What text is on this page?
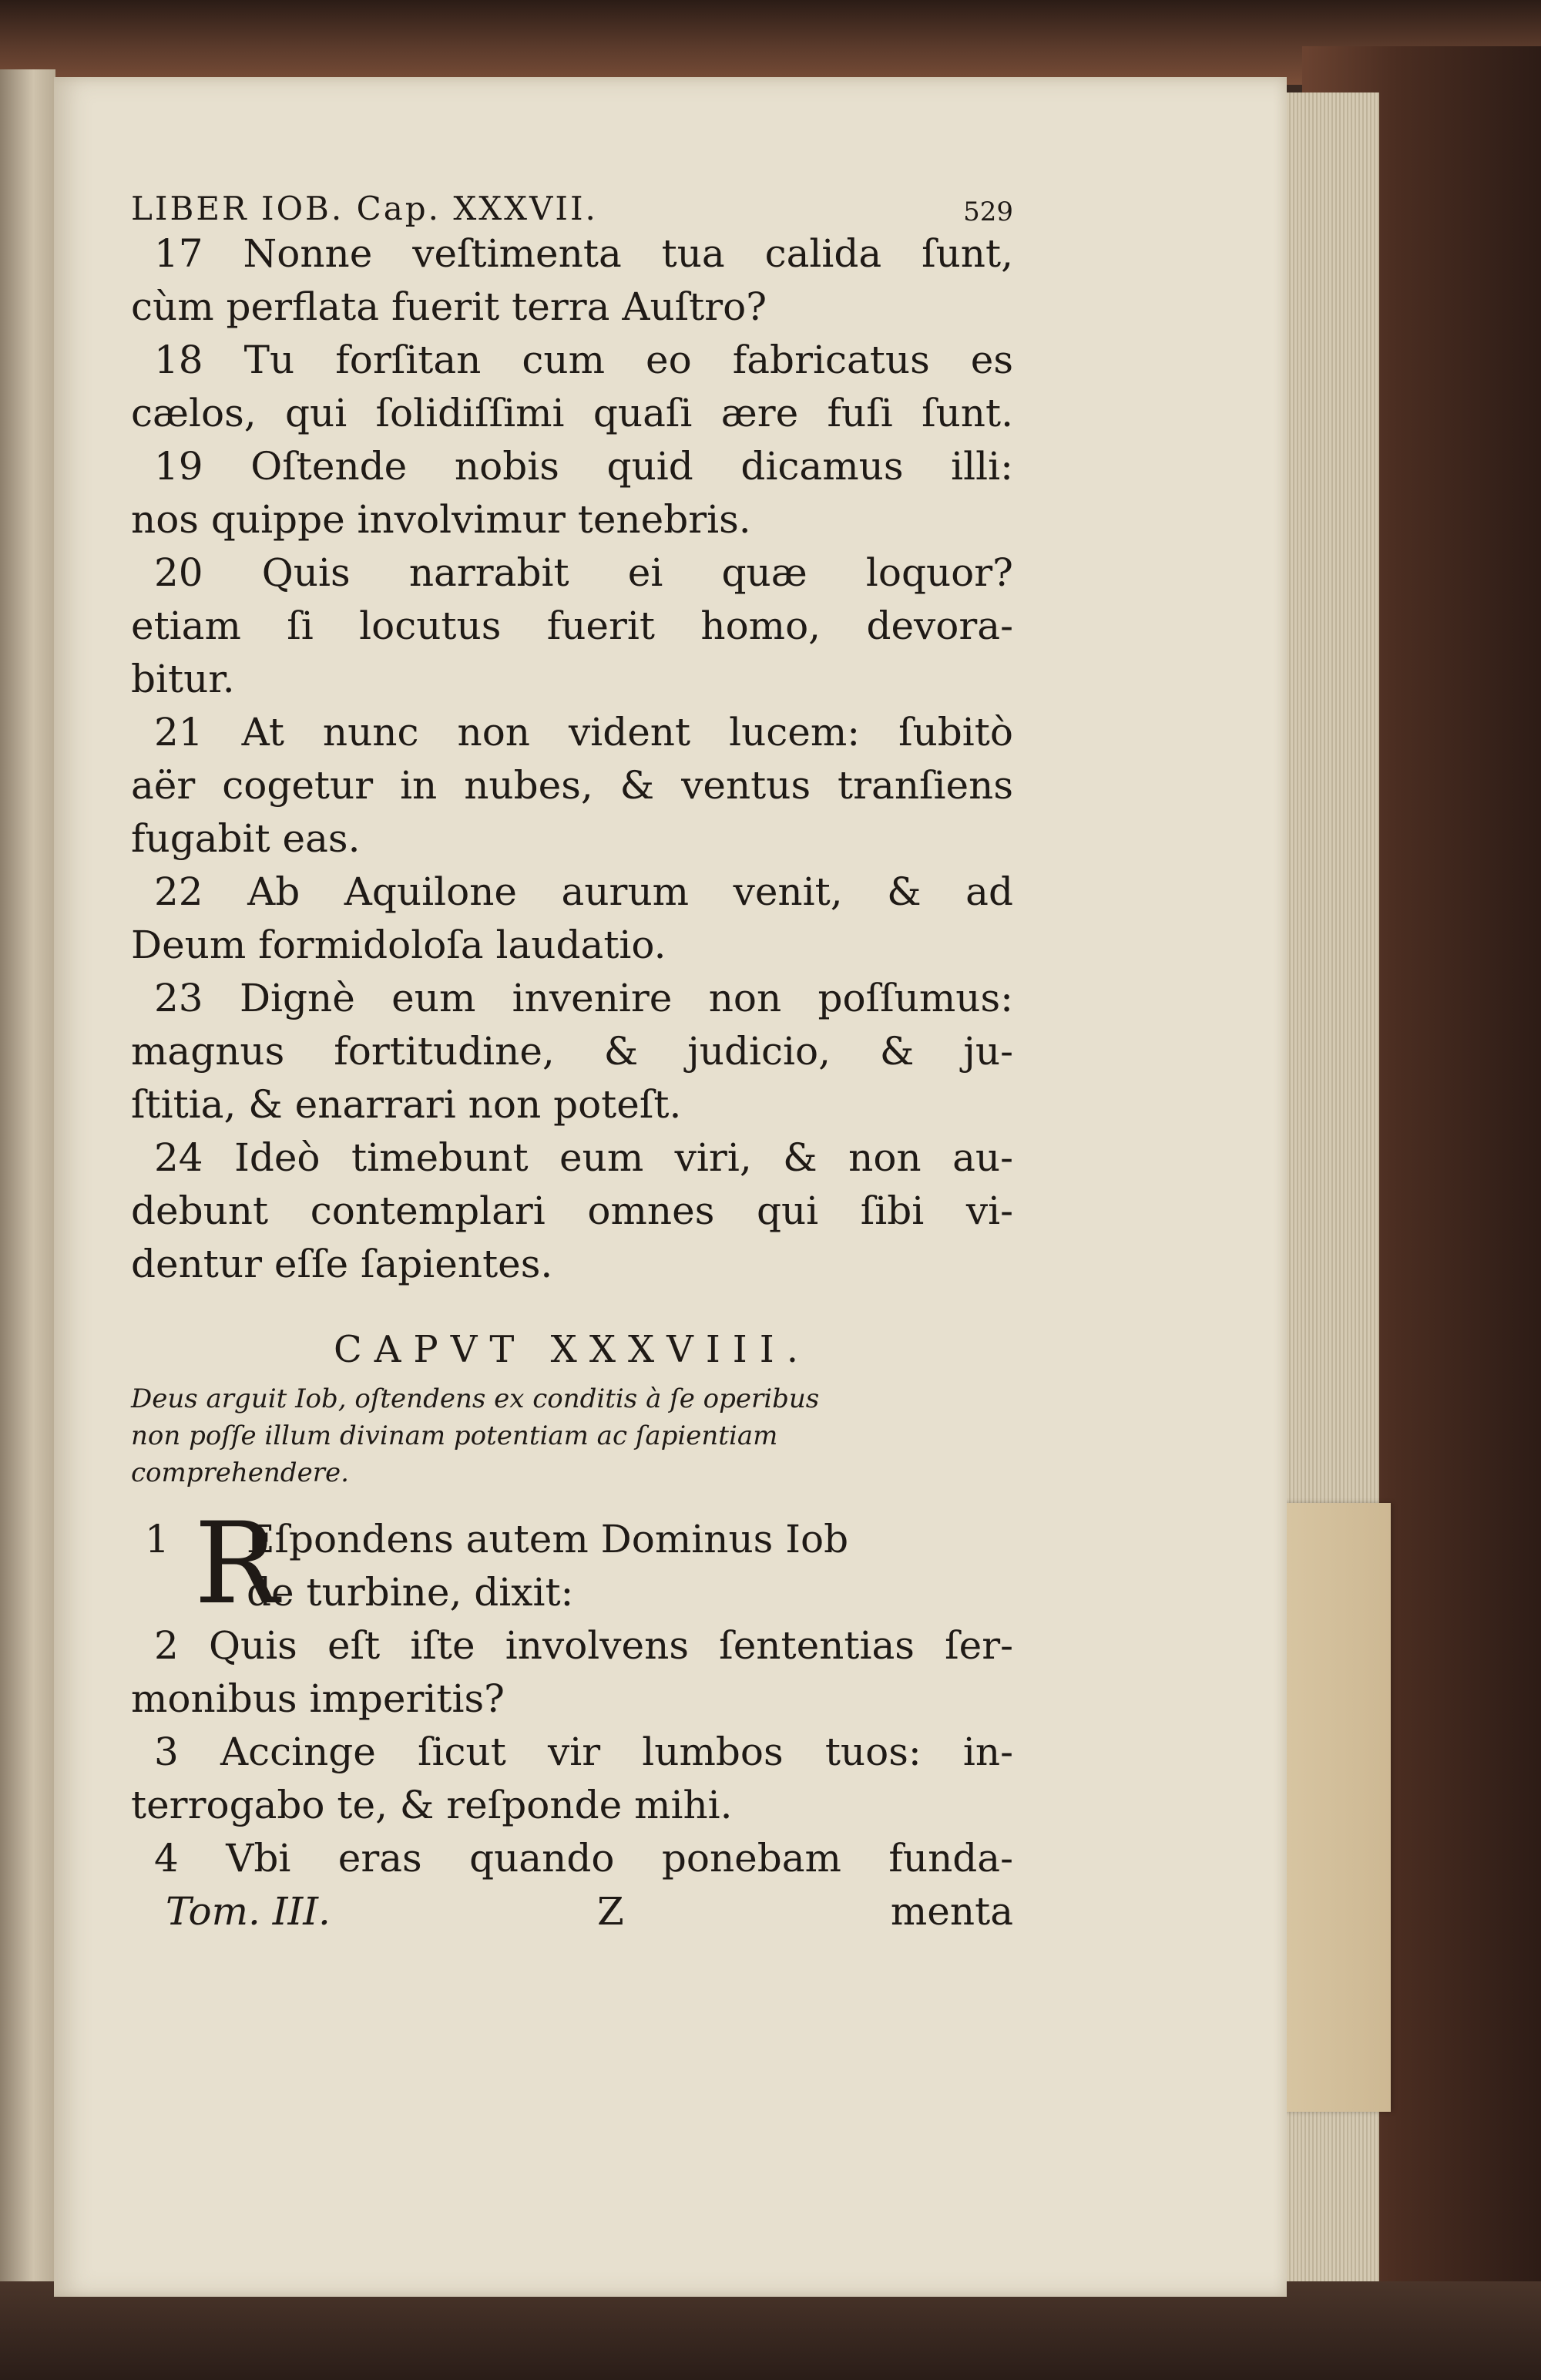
LIBER IOB. Cap. XXXVII.	529
17 Nonne veſtimenta tua calida ſunt,
cùm perflata fuerit terra Auſtro?
18 Tu forſitan cum eo fabricatus es
cælos, qui ſolidiſſimi quaſi ære fuſi ſunt.
19 Oſtende nobis quid dicamus illi:
nos quippe involvimur tenebris.
20 Quis narrabit ei quæ loquor?
etiam ſi locutus fuerit homo, devora-
bitur.
21 At nunc non vident lucem: ſubitò
aër cogetur in nubes, & ventus tranſiens
fugabit eas.
22 Ab Aquilone aurum venit, & ad
Deum formidoloſa laudatio.
23 Dignè eum invenire non poſſumus:
magnus fortitudine, & judicio, & ju-
ſtitia, & enarrari non poteſt.
24 Ideò timebunt eum viri, & non au-
debunt contemplari omnes qui ſibi vi-
dentur eſſe ſapientes.
CAPVT XXXVIII.
Deus arguit Iob, oſtendens ex conditis à ſe operibus
non poſſe illum divinam potentiam ac ſapientiam
comprehendere.
1 R
Eſpondens autem Dominus Iob
de turbine, dixit:
2 Quis eſt iſte involvens ſententias ſer-
monibus imperitis?
3 Accinge ſicut vir lumbos tuos: in-
terrogabo te, & reſponde mihi.
4 Vbi eras quando ponebam funda-
Tom. III.	Z	menta
